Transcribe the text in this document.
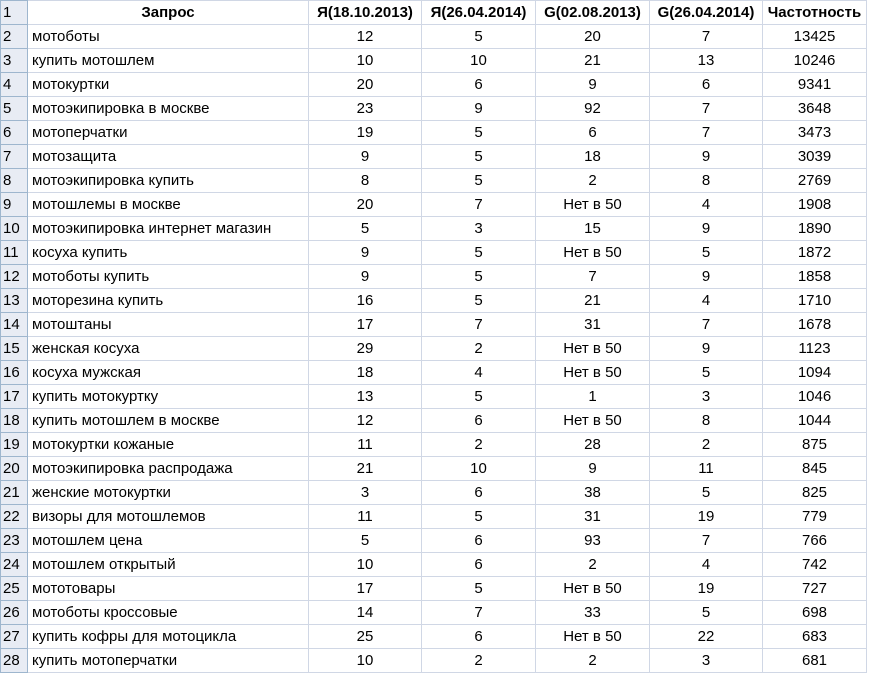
1	Запрос	Я(18.10.2013)	Я(26.04.2014)	G(02.08.2013)	G(26.04.2014)	Частотность
2	мотоботы	12	5	20	7	13425
3	купить мотошлем	10	10	21	13	10246
4	мотокуртки	20	6	9	6	9341
5	мотоэкипировка в москве	23	9	92	7	3648
6	мотоперчатки	19	5	6	7	3473
7	мотозащита	9	5	18	9	3039
8	мотоэкипировка купить	8	5	2	8	2769
9	мотошлемы в москве	20	7	Нет в 50	4	1908
10	мотоэкипировка интернет магазин	5	3	15	9	1890
11	косуха купить	9	5	Нет в 50	5	1872
12	мотоботы купить	9	5	7	9	1858
13	моторезина купить	16	5	21	4	1710
14	мотоштаны	17	7	31	7	1678
15	женская косуха	29	2	Нет в 50	9	1123
16	косуха мужская	18	4	Нет в 50	5	1094
17	купить мотокуртку	13	5	1	3	1046
18	купить мотошлем в москве	12	6	Нет в 50	8	1044
19	мотокуртки кожаные	11	2	28	2	875
20	мотоэкипировка распродажа	21	10	9	11	845
21	женские мотокуртки	3	6	38	5	825
22	визоры для мотошлемов	11	5	31	19	779
23	мотошлем цена	5	6	93	7	766
24	мотошлем открытый	10	6	2	4	742
25	мототовары	17	5	Нет в 50	19	727
26	мотоботы кроссовые	14	7	33	5	698
27	купить кофры для мотоцикла	25	6	Нет в 50	22	683
28	купить мотоперчатки	10	2	2	3	681
